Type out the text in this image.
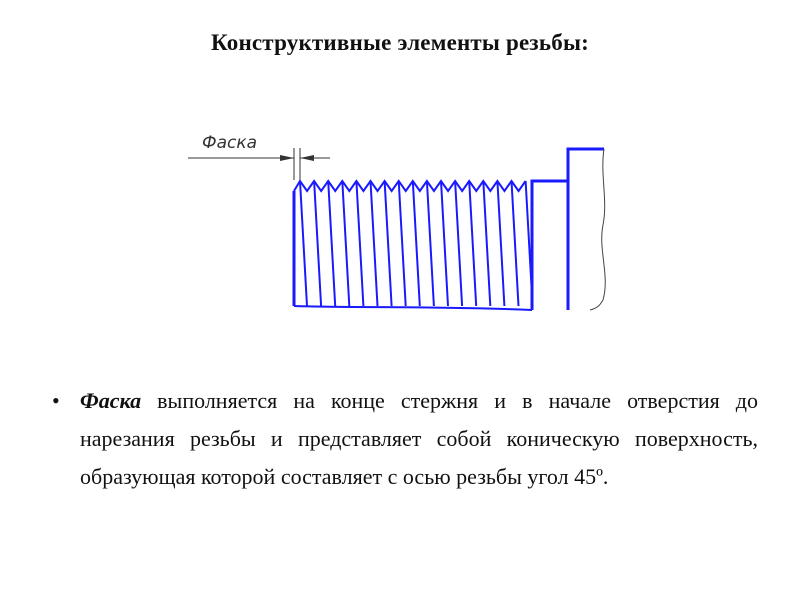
Конструктивные элементы резьбы:
Фаска
• Фаска выполняется на конце стержня и в начале отверстия до нарезания резьбы и представляет собой коническую поверхность, образующая которой составляет с осью резьбы угол 45º.
